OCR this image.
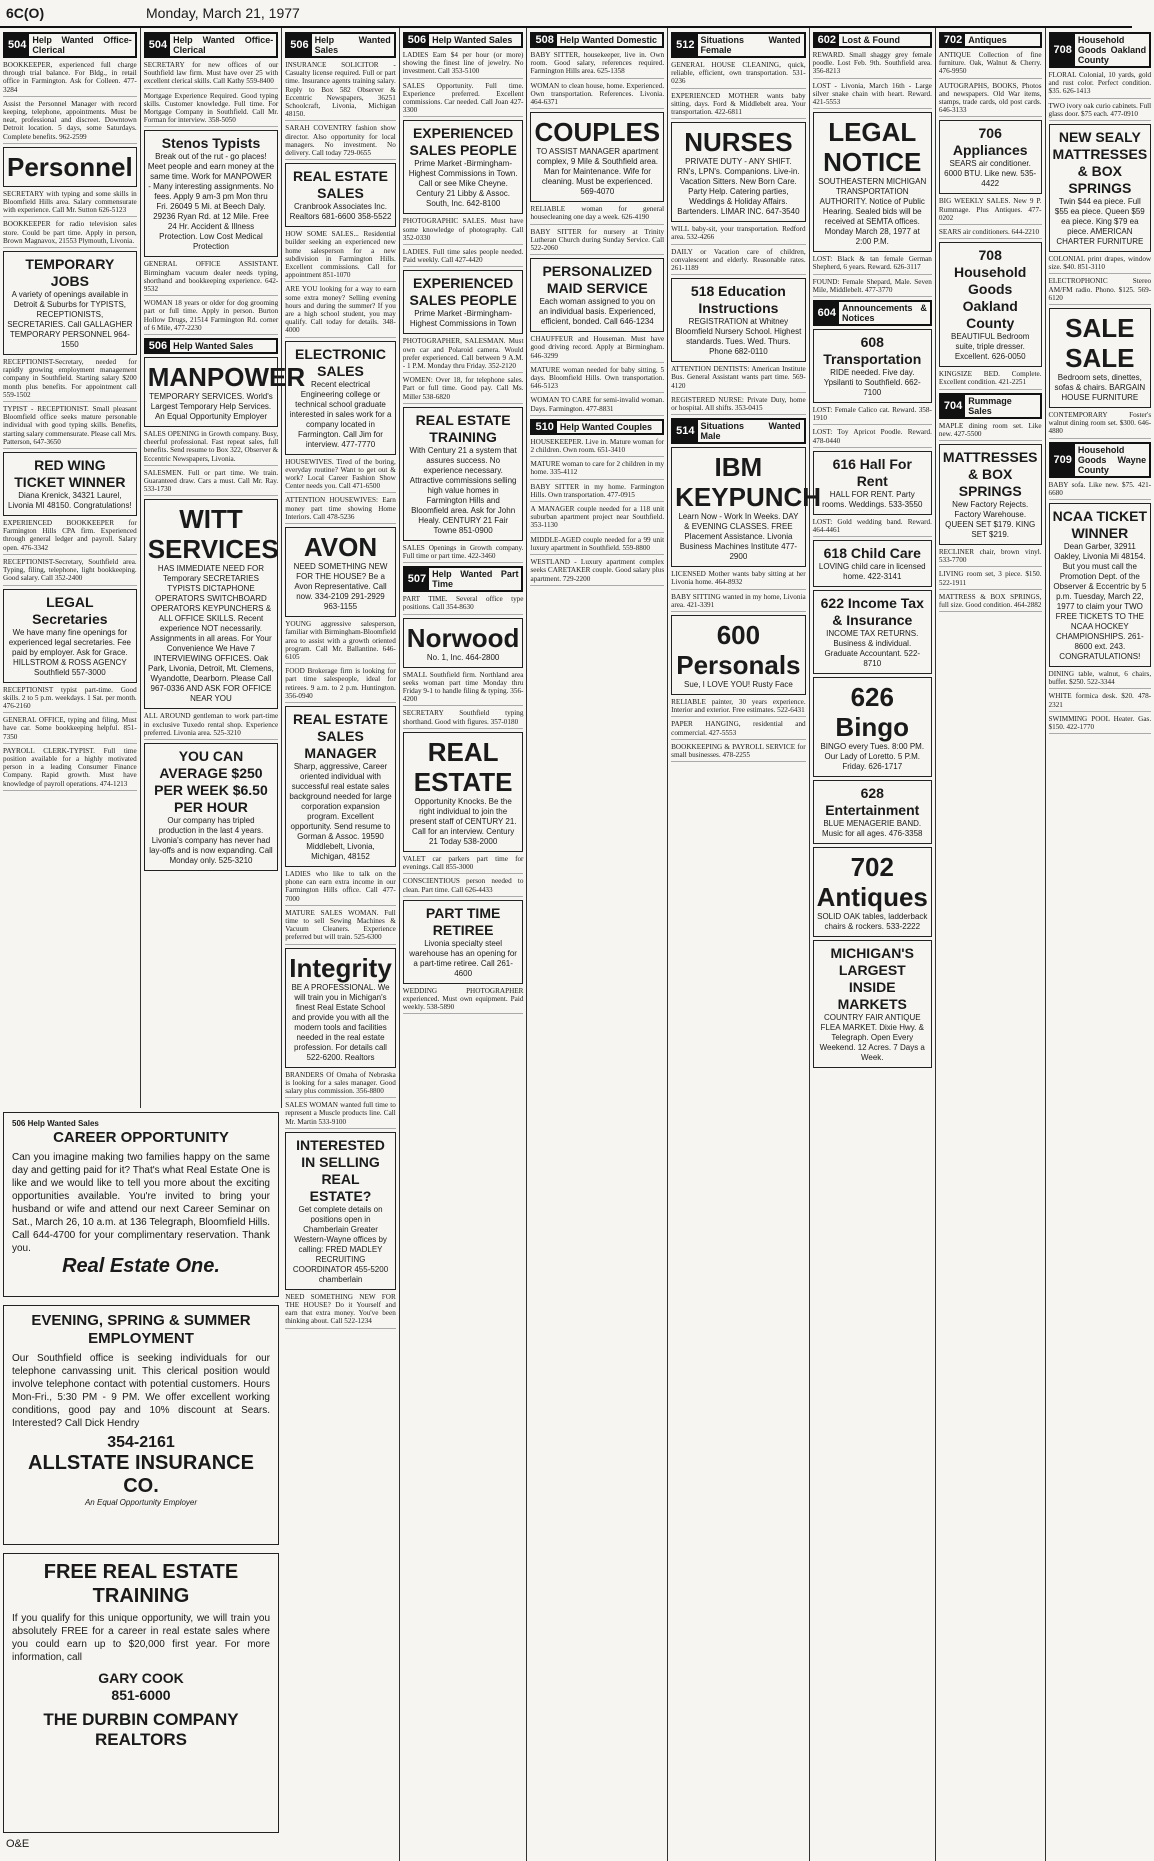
6C(O)	Monday, March 21, 1977
504 Help Wanted Office-Clerical
BOOKKEEPER, experienced full charge through trial balance. For Bldg., in retail office in Farmington. Ask for Colleen. 477-3284
Assist the Personnel Manager with record keeping, telephone, appointments. Must be neat, professional and discreet. Downtown Detroit location. 5 days, some Saturdays. Complete benefits. 962-2599
Personnel
SECRETARY with typing and some skills in Bloomfield Hills area. Salary commensurate with experience. Call Mr. Sutton 626-5123
BOOKKEEPER for radio television sales store. Could be part time. Apply in person, Brown Magnavox, 21553 Plymouth, Livonia.
TEMPORARY JOBS
A variety of openings available in Detroit & Suburbs for TYPISTS, RECEPTIONISTS, SECRETARIES. Call GALLAGHER TEMPORARY PERSONNEL 964-1550
RECEPTIONIST-Secretary, needed for rapidly growing employment management company in Southfield. Starting salary $200 month plus benefits. For appointment call 559-1502
TYPIST - RECEPTIONIST. Small pleasant Bloomfield office seeks mature personable individual with good typing skills. Benefits, starting salary commensurate. Please call Mrs. Patterson, 647-3650
RED WING TICKET WINNER
Diana Krenick, 34321 Laurel, Livonia MI 48150. Congratulations!
EXPERIENCED BOOKKEEPER for Farmington Hills CPA firm. Experienced through general ledger and payroll. Salary open. 476-3342
RECEPTIONIST-Secretary, Southfield area. Typing, filing, telephone, light bookkeeping. Good salary. Call 352-2400
LEGAL Secretaries
We have many fine openings for experienced legal secretaries. Fee paid by employer. Ask for Grace. HILLSTROM & ROSS AGENCY Southfield 557-3000
RECEPTIONIST typist part-time. Good skills. 2 to 5 p.m. weekdays. 1 Sat. per month. 476-2160
GENERAL OFFICE, typing and filing. Must have car. Some bookkeeping helpful. 851-7350
PAYROLL CLERK-TYPIST. Full time position available for a highly motivated person in a leading Consumer Finance Company. Rapid growth. Must have knowledge of payroll operations. 474-1213
504 Help Wanted Office-Clerical
SECRETARY for new offices of our Southfield law firm. Must have over 25 with excellent clerical skills. Call Kathy 559-8400
Mortgage Experience Required. Good typing skills. Customer knowledge. Full time. For Mortgage Company in Southfield. Call Mr. Forman for interview. 358-5050
Stenos Typists
Break out of the rut - go places! Meet people and earn money at the same time. Work for MANPOWER - Many interesting assignments. No fees. Apply 9 am-3 pm Mon thru Fri. 26049 5 Mi. at Beech Daly. 29236 Ryan Rd. at 12 Mile. Free 24 Hr. Accident & Illness Protection. Low Cost Medical Protection
GENERAL OFFICE ASSISTANT. Birmingham vacuum dealer needs typing, shorthand and bookkeeping experience. 642-9532
WOMAN 18 years or older for dog grooming part or full time. Apply in person. Burton Hollow Drugs, 21514 Farmington Rd. corner of 6 Mile, 477-2230
506 Help Wanted Sales
MANPOWER
TEMPORARY SERVICES. World's Largest Temporary Help Services. An Equal Opportunity Employer
SALES OPENING in Growth company. Busy, cheerful professional. Fast repeat sales, full benefits. Send resume to Box 322, Observer & Eccentric Newspapers, Livonia.
SALESMEN. Full or part time. We train. Guaranteed draw. Cars a must. Call Mr. Ray. 533-1730
WITT SERVICES
HAS IMMEDIATE NEED FOR Temporary SECRETARIES TYPISTS DICTAPHONE OPERATORS SWITCHBOARD OPERATORS KEYPUNCHERS & ALL OFFICE SKILLS. Recent experience NOT necessarily. Assignments in all areas. For Your Convenience We Have 7 INTERVIEWING OFFICES. Oak Park, Livonia, Detroit, Mt. Clemens, Wyandotte, Dearborn. Please Call 967-0336 AND ASK FOR OFFICE NEAR YOU
ALL AROUND gentleman to work part-time in exclusive Tuxedo rental shop. Experience preferred. Livonia area. 525-3210
YOU CAN AVERAGE $250 PER WEEK $6.50 PER HOUR
Our company has tripled production in the last 4 years. Livonia's company has never had lay-offs and is now expanding. Call Monday only. 525-3210
506 Help Wanted Sales
INSURANCE SOLICITOR - Casualty license required. Full or part time. Insurance agents training salary. Reply to Box 582 Observer & Eccentric Newspapers, 36251 Schoolcraft, Livonia, Michigan 48150.
SARAH COVENTRY fashion show director. Also opportunity for local managers. No investment. No delivery. Call today 729-0655
REAL ESTATE SALES
Cranbrook Associates Inc. Realtors 681-6600 358-5522
HOW SOME SALES... Residential builder seeking an experienced new home salesperson for a new subdivision in Farmington Hills. Excellent commissions. Call for appointment 851-1070
ARE YOU looking for a way to earn some extra money? Selling evening hours and during the summer? If you are a high school student, you may qualify. Call today for details. 348-4000
ELECTRONIC SALES
Recent electrical Engineering college or technical school graduate interested in sales work for a company located in Farmington. Call Jim for interview. 477-7770
HOUSEWIVES. Tired of the boring, everyday routine? Want to get out & work? Local Career Fashion Show Center needs you. Call 471-6500
ATTENTION HOUSEWIVES: Earn money part time showing Home Interiors. Call 478-5236
AVON
NEED SOMETHING NEW FOR THE HOUSE? Be a Avon Representative. Call now. 334-2109 291-2929 963-1155
YOUNG aggressive salesperson, familiar with Birmingham-Bloomfield area to assist with a growth oriented program. Call Mr. Ballantine. 646-6105
FOOD Brokerage firm is looking for part time salespeople, ideal for retirees. 9 a.m. to 2 p.m. Huntington. 356-0940
REAL ESTATE SALES MANAGER
Sharp, aggressive, Career oriented individual with successful real estate sales background needed for large corporation expansion program. Excellent opportunity. Send resume to Gorman & Assoc. 19590 Middlebelt, Livonia, Michigan, 48152
LADIES who like to talk on the phone can earn extra income in our Farmington Hills office. Call 477-7000
MATURE SALES WOMAN. Full time to sell Sewing Machines & Vacuum Cleaners. Experience preferred but will train. 525-6300
Integrity
BE A PROFESSIONAL. We will train you in Michigan's finest Real Estate School and provide you with all the modern tools and facilities needed in the real estate profession. For details call 522-6200. Realtors
BRANDERS Of Omaha of Nebraska is looking for a sales manager. Good salary plus commission. 356-8800
SALES WOMAN wanted full time to represent a Muscle products line. Call Mr. Martin 533-9100
INTERESTED IN SELLING REAL ESTATE?
Get complete details on positions open in Chamberlain Greater Western-Wayne offices by calling: FRED MADLEY RECRUITING COORDINATOR 455-5200 chamberlain
NEED SOMETHING NEW FOR THE HOUSE? Do it Yourself and earn that extra money. You've been thinking about. Call 522-1234
506 Help Wanted Sales
LADIES Earn $4 per hour (or more) showing the finest line of jewelry. No investment. Call 353-5100
SALES Opportunity. Full time. Experience preferred. Excellent commissions. Car needed. Call Joan 427-3300
EXPERIENCED SALES PEOPLE
Prime Market -Birmingham- Highest Commissions in Town. Call or see Mike Cheyne. Century 21 Libby & Assoc. South, Inc. 642-8100
PHOTOGRAPHIC SALES. Must have some knowledge of photography. Call 352-0330
LADIES. Full time sales people needed. Paid weekly. Call 427-4420
EXPERIENCED SALES PEOPLE
Prime Market -Birmingham- Highest Commissions in Town
PHOTOGRAPHER, SALESMAN. Must own car and Polaroid camera. Would prefer experienced. Call between 9 A.M. - 1 P.M. Monday thru Friday. 352-2120
WOMEN: Over 18, for telephone sales. Part or full time. Good pay. Call Ms. Miller 538-6820
REAL ESTATE TRAINING
With Century 21 a system that assures success. No experience necessary. Attractive commissions selling high value homes in Farmington Hills and Bloomfield area. Ask for John Healy. CENTURY 21 Fair Towne 851-0900
SALES Openings in Growth company. Full time or part time. 422-3460
507 Help Wanted Part Time
PART TIME. Several office type positions. Call 354-8630
Norwood
No. 1, Inc. 464-2800
SMALL Southfield firm. Northland area seeks woman part time Monday thru Friday 9-1 to handle filing & typing. 356-4200
SECRETARY Southfield typing shorthand. Good with figures. 357-0180
REAL ESTATE
Opportunity Knocks. Be the right individual to join the present staff of CENTURY 21. Call for an interview. Century 21 Today 538-2000
VALET car parkers part time for evenings. Call 855-3000
CONSCIENTIOUS person needed to clean. Part time. Call 626-4433
PART TIME RETIREE
Livonia specialty steel warehouse has an opening for a part-time retiree. Call 261-4600
WEDDING PHOTOGRAPHER experienced. Must own equipment. Paid weekly. 538-5890
508 Help Wanted Domestic
BABY SITTER, housekeeper, live in. Own room. Good salary, references required. Farmington Hills area. 625-1358
WOMAN to clean house, home. Experienced. Own transportation. References. Livonia. 464-6371
COUPLES
TO ASSIST MANAGER apartment complex, 9 Mile & Southfield area. Man for Maintenance. Wife for cleaning. Must be experienced. 569-4070
RELIABLE woman for general housecleaning one day a week. 626-4190
BABY SITTER for nursery at Trinity Lutheran Church during Sunday Service. Call 522-2060
PERSONALIZED MAID SERVICE
Each woman assigned to you on an individual basis. Experienced, efficient, bonded. Call 646-1234
CHAUFFEUR and Houseman. Must have good driving record. Apply at Birmingham. 646-3299
MATURE woman needed for baby sitting. 5 days. Bloomfield Hills. Own transportation. 646-5123
WOMAN TO CARE for semi-invalid woman. Days. Farmington. 477-8831
510 Help Wanted Couples
HOUSEKEEPER. Live in. Mature woman for 2 children. Own room. 651-3410
MATURE woman to care for 2 children in my home. 335-4112
BABY SITTER in my home. Farmington Hills. Own transportation. 477-0915
A MANAGER couple needed for a 118 unit suburban apartment project near Southfield. 353-1130
MIDDLE-AGED couple needed for a 99 unit luxury apartment in Southfield. 559-8800
WESTLAND - Luxury apartment complex seeks CARETAKER couple. Good salary plus apartment. 729-2200
512 Situations Wanted Female
GENERAL HOUSE CLEANING, quick, reliable, efficient, own transportation. 531-0236
EXPERIENCED MOTHER wants baby sitting, days. Ford & Middlebelt area. Your transportation. 422-6811
NURSES
PRIVATE DUTY - ANY SHIFT. RN's, LPN's. Companions. Live-in. Vacation Sitters. New Born Care. Party Help. Catering parties, Weddings & Holiday Affairs. Bartenders. LIMAR INC. 647-3540
WILL baby-sit, your transportation. Redford area. 532-4266
DAILY or Vacation care of children, convalescent and elderly. Reasonable rates. 261-1189
518 Education Instructions
REGISTRATION at Whitney Bloomfield Nursery School. Highest standards. Tues. Wed. Thurs. Phone 682-0110
ATTENTION DENTISTS: American Institute Bus. General Assistant wants part time. 569-4120
REGISTERED NURSE: Private Duty, home or hospital. All shifts. 353-0415
514 Situations Wanted Male
IBM KEYPUNCH
Learn Now - Work In Weeks. DAY & EVENING CLASSES. FREE Placement Assistance. Livonia Business Machines Institute 477-2900
LICENSED Mother wants baby sitting at her Livonia home. 464-8932
BABY SITTING wanted in my home, Livonia area. 421-3391
600 Personals
Sue, I LOVE YOU! Rusty Face
RELIABLE painter, 30 years experience. Interior and exterior. Free estimates. 522-6431
PAPER HANGING, residential and commercial. 427-5553
BOOKKEEPING & PAYROLL SERVICE for small businesses. 478-2255
602 Lost & Found
REWARD. Small shaggy grey female poodle. Lost Feb. 9th. Southfield area. 356-8213
LOST - Livonia, March 16th - Large silver snake chain with heart. Reward. 421-5553
LEGAL NOTICE
SOUTHEASTERN MICHIGAN TRANSPORTATION AUTHORITY. Notice of Public Hearing. Sealed bids will be received at SEMTA offices. Monday March 28, 1977 at 2:00 P.M.
LOST: Black & tan female German Shepherd, 6 years. Reward. 626-3117
FOUND: Female Shepard, Male. Seven Mile, Middlebelt. 477-3770
604 Announcements & Notices
608 Transportation
RIDE needed. Five day. Ypsilanti to Southfield. 662-7100
LOST: Female Calico cat. Reward. 358-1910
LOST: Toy Apricot Poodle. Reward. 478-0440
616 Hall For Rent
HALL FOR RENT. Party rooms. Weddings. 533-3550
LOST: Gold wedding band. Reward. 464-4461
618 Child Care
LOVING child care in licensed home. 422-3141
622 Income Tax & Insurance
INCOME TAX RETURNS. Business & individual. Graduate Accountant. 522-8710
626 Bingo
BINGO every Tues. 8:00 PM. Our Lady of Loretto. 5 P.M. Friday. 626-1717
628 Entertainment
BLUE MENAGERIE BAND. Music for all ages. 476-3358
702 Antiques
SOLID OAK tables, ladderback chairs & rockers. 533-2222
MICHIGAN'S LARGEST INSIDE MARKETS
COUNTRY FAIR ANTIQUE FLEA MARKET. Dixie Hwy. & Telegraph. Open Every Weekend. 12 Acres. 7 Days a Week.
702 Antiques
ANTIQUE Collection of fine furniture. Oak, Walnut & Cherry. 476-9950
AUTOGRAPHS, BOOKS, Photos and newspapers. Old War items, stamps, trade cards, old post cards. 646-3133
706 Appliances
SEARS air conditioner. 6000 BTU. Like new. 535-4422
BIG WEEKLY SALES. New 9 P. Rummage. Plus Antiques. 477-0202
SEARS air conditioners. 644-2210
708 Household Goods Oakland County
BEAUTIFUL Bedroom suite, triple dresser. Excellent. 626-0050
KINGSIZE BED. Complete. Excellent condition. 421-2251
704 Rummage Sales
MAPLE dining room set. Like new. 427-5500
MATTRESSES & BOX SPRINGS
New Factory Rejects. Factory Warehouse. QUEEN SET $179. KING SET $219.
RECLINER chair, brown vinyl. 533-7700
LIVING room set, 3 piece. $150. 522-1911
MATTRESS & BOX SPRINGS, full size. Good condition. 464-2882
708
Household Goods Oakland County
FLORAL Colonial, 10 yards, gold and rust color. Perfect condition. $35. 626-1413
TWO ivory oak curio cabinets. Full glass door. $75 each. 477-0910
NEW SEALY MATTRESSES & BOX SPRINGS
Twin $44 ea piece. Full $55 ea piece. Queen $59 ea piece. King $79 ea piece. AMERICAN CHARTER FURNITURE
COLONIAL print drapes, window size. $40. 851-3110
ELECTROPHONIC Stereo AM/FM radio. Phono. $125. 569-6120
SALE SALE
Bedroom sets, dinettes, sofas & chairs. BARGAIN HOUSE FURNITURE
CONTEMPORARY Foster's walnut dining room set. $300. 646-4880
709
Household Goods Wayne County
BABY sofa. Like new. $75. 421-6680
NCAA TICKET WINNER
Dean Garber, 32911 Oakley, Livonia Mi 48154. But you must call the Promotion Dept. of the Observer & Eccentric by 5 p.m. Tuesday, March 22, 1977 to claim your TWO FREE TICKETS TO THE NCAA HOCKEY CHAMPIONSHIPS. 261-8600 ext. 243. CONGRATULATIONS!
DINING table, walnut, 6 chairs, buffet. $250. 522-3344
WHITE formica desk. $20. 478-2321
SWIMMING POOL Heater. Gas. $150. 422-1770
506 Help Wanted Sales
CAREER OPPORTUNITY
Can you imagine making two families happy on the same day and getting paid for it? That's what Real Estate One is like and we would like to tell you more about the exciting opportunities available. You're invited to bring your husband or wife and attend our next Career Seminar on Sat., March 26, 10 a.m. at 136 Telegraph, Bloomfield Hills. Call 644-4700 for your complimentary reservation. Thank you.
Real Estate One.
EVENING, SPRING & SUMMER EMPLOYMENT
Our Southfield office is seeking individuals for our telephone canvassing unit. This clerical position would involve telephone contact with potential customers. Hours Mon-Fri., 5:30 PM - 9 PM. We offer excellent working conditions, good pay and 10% discount at Sears. Interested? Call Dick Hendry
354-2161
ALLSTATE INSURANCE CO.
An Equal Opportunity Employer
FREE REAL ESTATE TRAINING
If you qualify for this unique opportunity, we will train you absolutely FREE for a career in real estate sales where you could earn up to $20,000 first year. For more information, call
GARY COOK
851-6000
THE DURBIN COMPANY REALTORS
O&E
